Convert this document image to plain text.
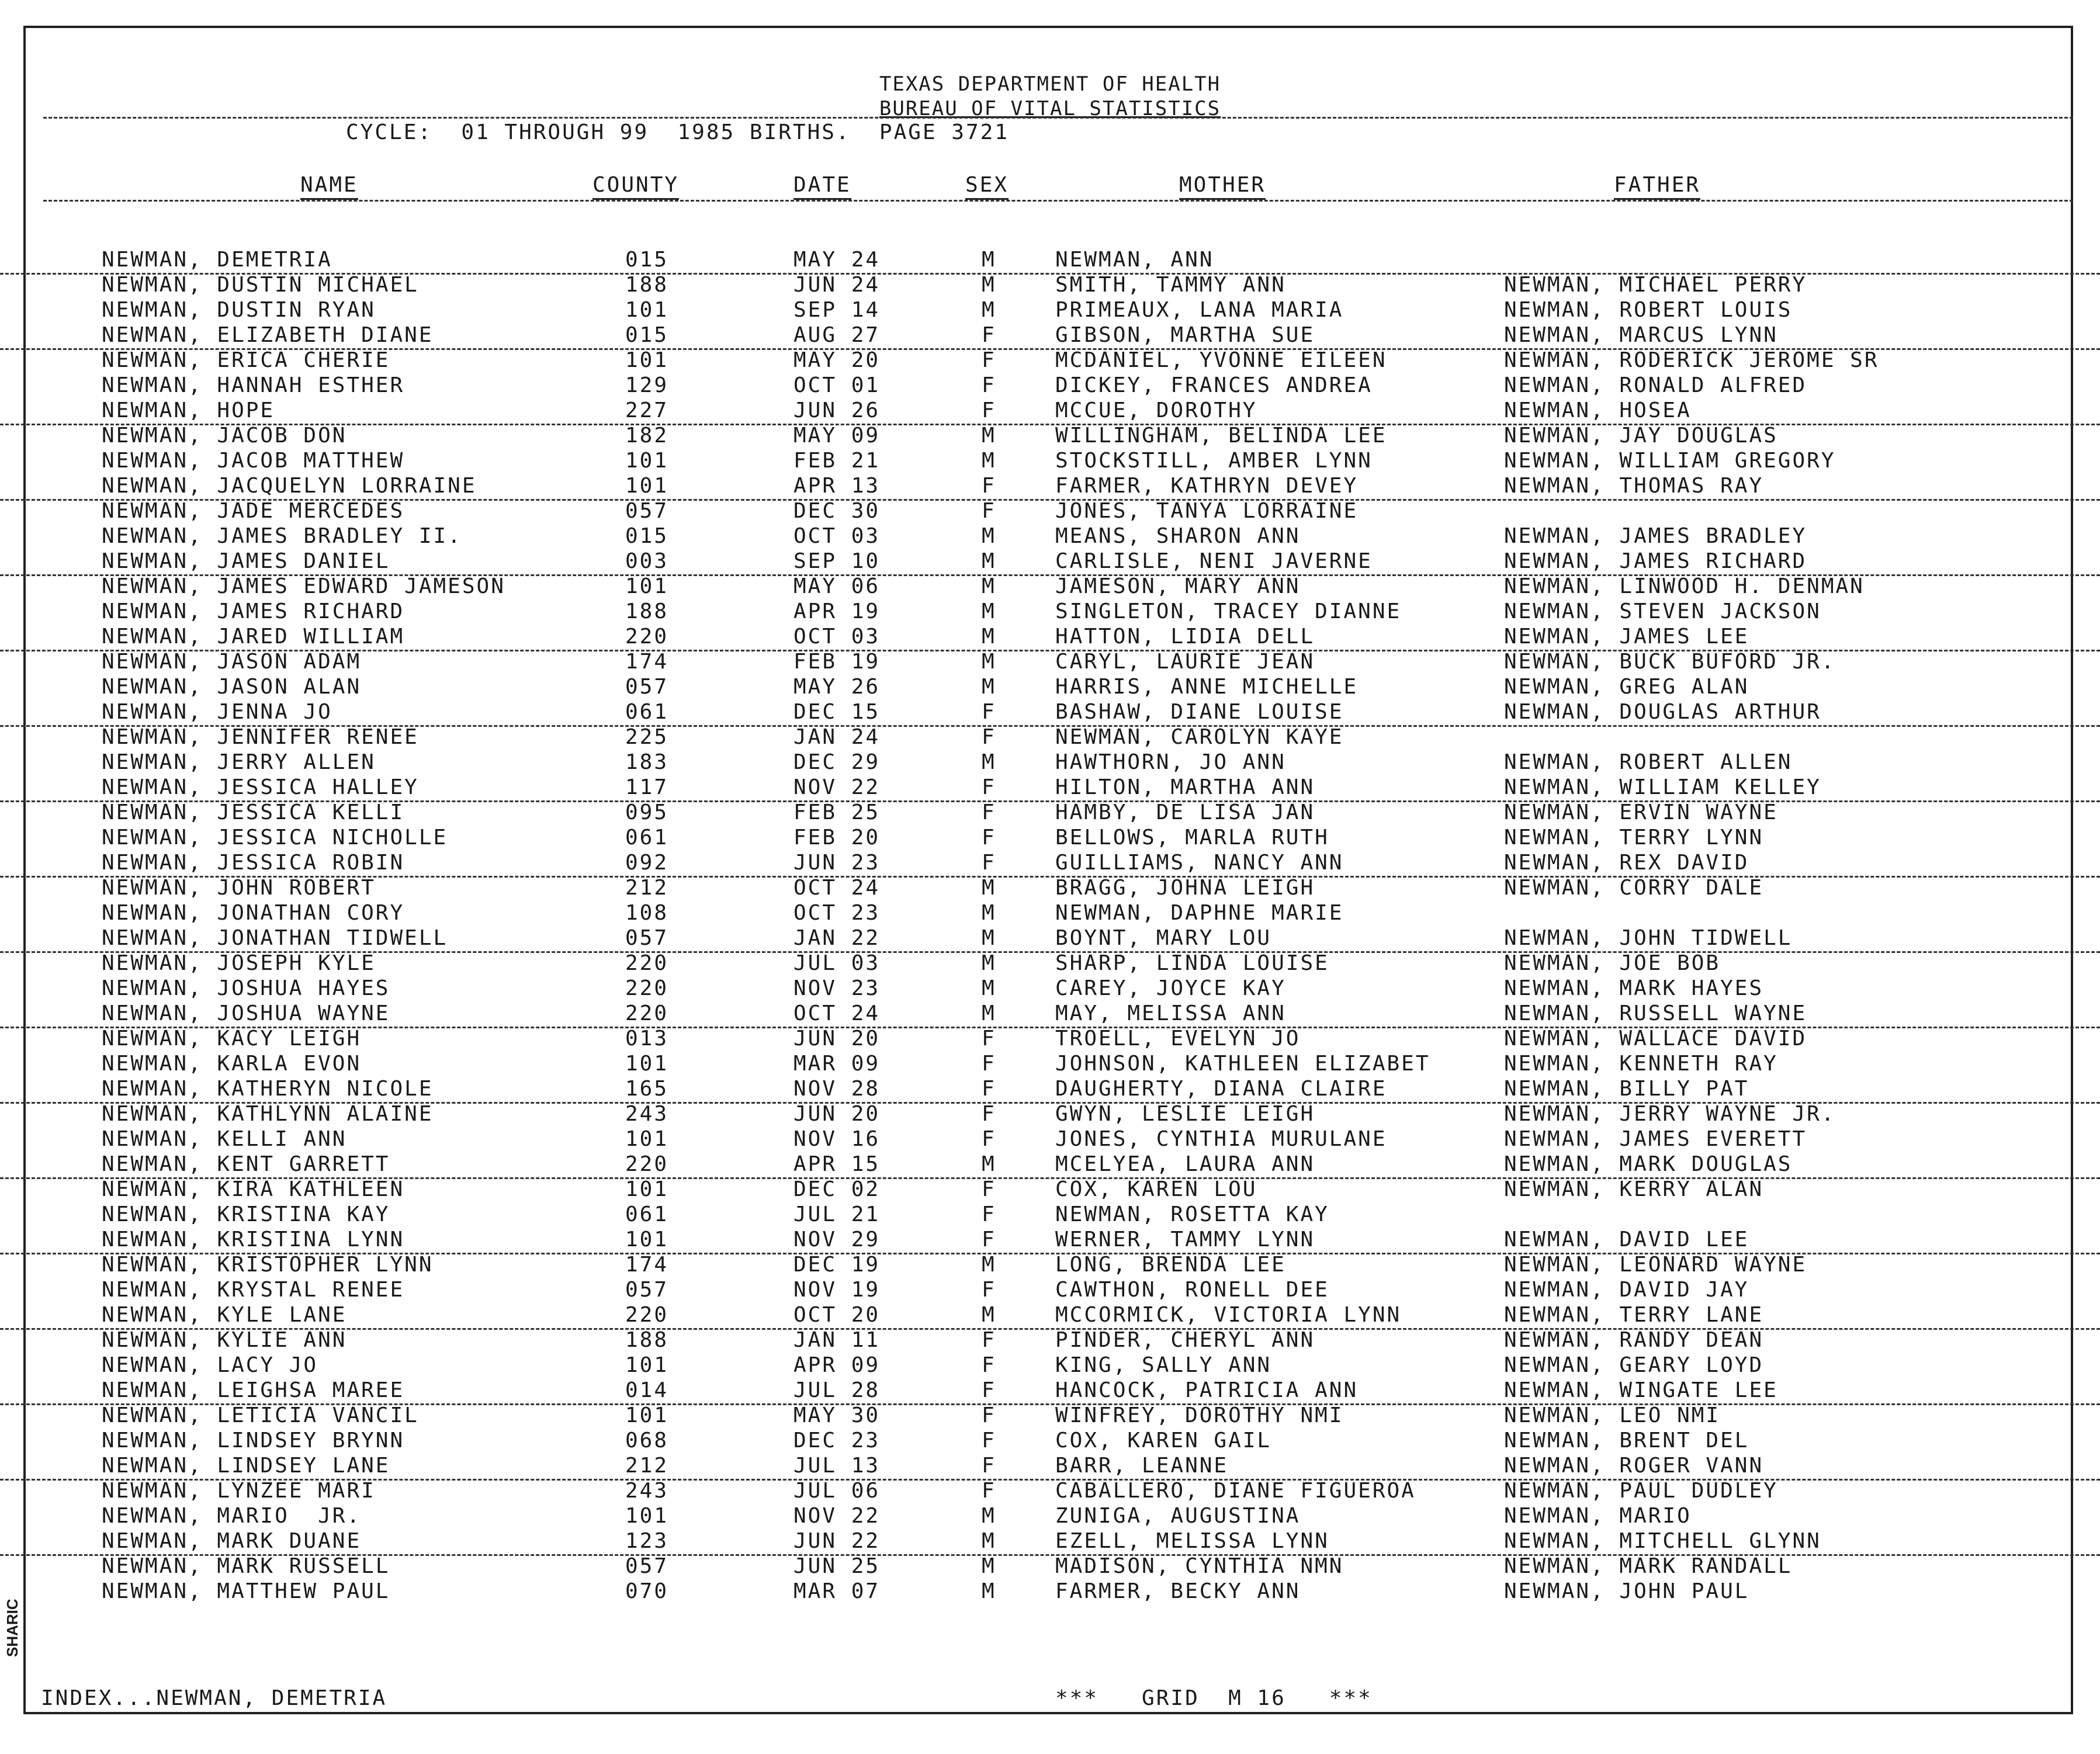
TEXAS DEPARTMENT OF HEALTH
BUREAU OF VITAL STATISTICS
CYCLE:  01 THROUGH 99  1985 BIRTHS.  PAGE 3721
NAME	COUNTY	DATE	SEX	MOTHER	FATHER
NEWMAN, DEMETRIA	015	MAY 24	M	NEWMAN, ANN
NEWMAN, DUSTIN MICHAEL	188	JUN 24	M	SMITH, TAMMY ANN	NEWMAN, MICHAEL PERRY
NEWMAN, DUSTIN RYAN	101	SEP 14	M	PRIMEAUX, LANA MARIA	NEWMAN, ROBERT LOUIS
NEWMAN, ELIZABETH DIANE	015	AUG 27	F	GIBSON, MARTHA SUE	NEWMAN, MARCUS LYNN
NEWMAN, ERICA CHERIE	101	MAY 20	F	MCDANIEL, YVONNE EILEEN	NEWMAN, RODERICK JEROME SR
NEWMAN, HANNAH ESTHER	129	OCT 01	F	DICKEY, FRANCES ANDREA	NEWMAN, RONALD ALFRED
NEWMAN, HOPE	227	JUN 26	F	MCCUE, DOROTHY	NEWMAN, HOSEA
NEWMAN, JACOB DON	182	MAY 09	M	WILLINGHAM, BELINDA LEE	NEWMAN, JAY DOUGLAS
NEWMAN, JACOB MATTHEW	101	FEB 21	M	STOCKSTILL, AMBER LYNN	NEWMAN, WILLIAM GREGORY
NEWMAN, JACQUELYN LORRAINE	101	APR 13	F	FARMER, KATHRYN DEVEY	NEWMAN, THOMAS RAY
NEWMAN, JADE MERCEDES	057	DEC 30	F	JONES, TANYA LORRAINE
NEWMAN, JAMES BRADLEY II.	015	OCT 03	M	MEANS, SHARON ANN	NEWMAN, JAMES BRADLEY
NEWMAN, JAMES DANIEL	003	SEP 10	M	CARLISLE, NENI JAVERNE	NEWMAN, JAMES RICHARD
NEWMAN, JAMES EDWARD JAMESON	101	MAY 06	M	JAMESON, MARY ANN	NEWMAN, LINWOOD H. DENMAN
NEWMAN, JAMES RICHARD	188	APR 19	M	SINGLETON, TRACEY DIANNE	NEWMAN, STEVEN JACKSON
NEWMAN, JARED WILLIAM	220	OCT 03	M	HATTON, LIDIA DELL	NEWMAN, JAMES LEE
NEWMAN, JASON ADAM	174	FEB 19	M	CARYL, LAURIE JEAN	NEWMAN, BUCK BUFORD JR.
NEWMAN, JASON ALAN	057	MAY 26	M	HARRIS, ANNE MICHELLE	NEWMAN, GREG ALAN
NEWMAN, JENNA JO	061	DEC 15	F	BASHAW, DIANE LOUISE	NEWMAN, DOUGLAS ARTHUR
NEWMAN, JENNIFER RENEE	225	JAN 24	F	NEWMAN, CAROLYN KAYE
NEWMAN, JERRY ALLEN	183	DEC 29	M	HAWTHORN, JO ANN	NEWMAN, ROBERT ALLEN
NEWMAN, JESSICA HALLEY	117	NOV 22	F	HILTON, MARTHA ANN	NEWMAN, WILLIAM KELLEY
NEWMAN, JESSICA KELLI	095	FEB 25	F	HAMBY, DE LISA JAN	NEWMAN, ERVIN WAYNE
NEWMAN, JESSICA NICHOLLE	061	FEB 20	F	BELLOWS, MARLA RUTH	NEWMAN, TERRY LYNN
NEWMAN, JESSICA ROBIN	092	JUN 23	F	GUILLIAMS, NANCY ANN	NEWMAN, REX DAVID
NEWMAN, JOHN ROBERT	212	OCT 24	M	BRAGG, JOHNA LEIGH	NEWMAN, CORRY DALE
NEWMAN, JONATHAN CORY	108	OCT 23	M	NEWMAN, DAPHNE MARIE
NEWMAN, JONATHAN TIDWELL	057	JAN 22	M	BOYNT, MARY LOU	NEWMAN, JOHN TIDWELL
NEWMAN, JOSEPH KYLE	220	JUL 03	M	SHARP, LINDA LOUISE	NEWMAN, JOE BOB
NEWMAN, JOSHUA HAYES	220	NOV 23	M	CAREY, JOYCE KAY	NEWMAN, MARK HAYES
NEWMAN, JOSHUA WAYNE	220	OCT 24	M	MAY, MELISSA ANN	NEWMAN, RUSSELL WAYNE
NEWMAN, KACY LEIGH	013	JUN 20	F	TROELL, EVELYN JO	NEWMAN, WALLACE DAVID
NEWMAN, KARLA EVON	101	MAR 09	F	JOHNSON, KATHLEEN ELIZABET	NEWMAN, KENNETH RAY
NEWMAN, KATHERYN NICOLE	165	NOV 28	F	DAUGHERTY, DIANA CLAIRE	NEWMAN, BILLY PAT
NEWMAN, KATHLYNN ALAINE	243	JUN 20	F	GWYN, LESLIE LEIGH	NEWMAN, JERRY WAYNE JR.
NEWMAN, KELLI ANN	101	NOV 16	F	JONES, CYNTHIA MURULANE	NEWMAN, JAMES EVERETT
NEWMAN, KENT GARRETT	220	APR 15	M	MCELYEA, LAURA ANN	NEWMAN, MARK DOUGLAS
NEWMAN, KIRA KATHLEEN	101	DEC 02	F	COX, KAREN LOU	NEWMAN, KERRY ALAN
NEWMAN, KRISTINA KAY	061	JUL 21	F	NEWMAN, ROSETTA KAY
NEWMAN, KRISTINA LYNN	101	NOV 29	F	WERNER, TAMMY LYNN	NEWMAN, DAVID LEE
NEWMAN, KRISTOPHER LYNN	174	DEC 19	M	LONG, BRENDA LEE	NEWMAN, LEONARD WAYNE
NEWMAN, KRYSTAL RENEE	057	NOV 19	F	CAWTHON, RONELL DEE	NEWMAN, DAVID JAY
NEWMAN, KYLE LANE	220	OCT 20	M	MCCORMICK, VICTORIA LYNN	NEWMAN, TERRY LANE
NEWMAN, KYLIE ANN	188	JAN 11	F	PINDER, CHERYL ANN	NEWMAN, RANDY DEAN
NEWMAN, LACY JO	101	APR 09	F	KING, SALLY ANN	NEWMAN, GEARY LOYD
NEWMAN, LEIGHSA MAREE	014	JUL 28	F	HANCOCK, PATRICIA ANN	NEWMAN, WINGATE LEE
NEWMAN, LETICIA VANCIL	101	MAY 30	F	WINFREY, DOROTHY NMI	NEWMAN, LEO NMI
NEWMAN, LINDSEY BRYNN	068	DEC 23	F	COX, KAREN GAIL	NEWMAN, BRENT DEL
NEWMAN, LINDSEY LANE	212	JUL 13	F	BARR, LEANNE	NEWMAN, ROGER VANN
NEWMAN, LYNZEE MARI	243	JUL 06	F	CABALLERO, DIANE FIGUEROA	NEWMAN, PAUL DUDLEY
NEWMAN, MARIO  JR.	101	NOV 22	M	ZUNIGA, AUGUSTINA	NEWMAN, MARIO
NEWMAN, MARK DUANE	123	JUN 22	M	EZELL, MELISSA LYNN	NEWMAN, MITCHELL GLYNN
NEWMAN, MARK RUSSELL	057	JUN 25	M	MADISON, CYNTHIA NMN	NEWMAN, MARK RANDALL
NEWMAN, MATTHEW PAUL	070	MAR 07	M	FARMER, BECKY ANN	NEWMAN, JOHN PAUL
INDEX...NEWMAN, DEMETRIA	***   GRID  M 16   ***
SHARIC
